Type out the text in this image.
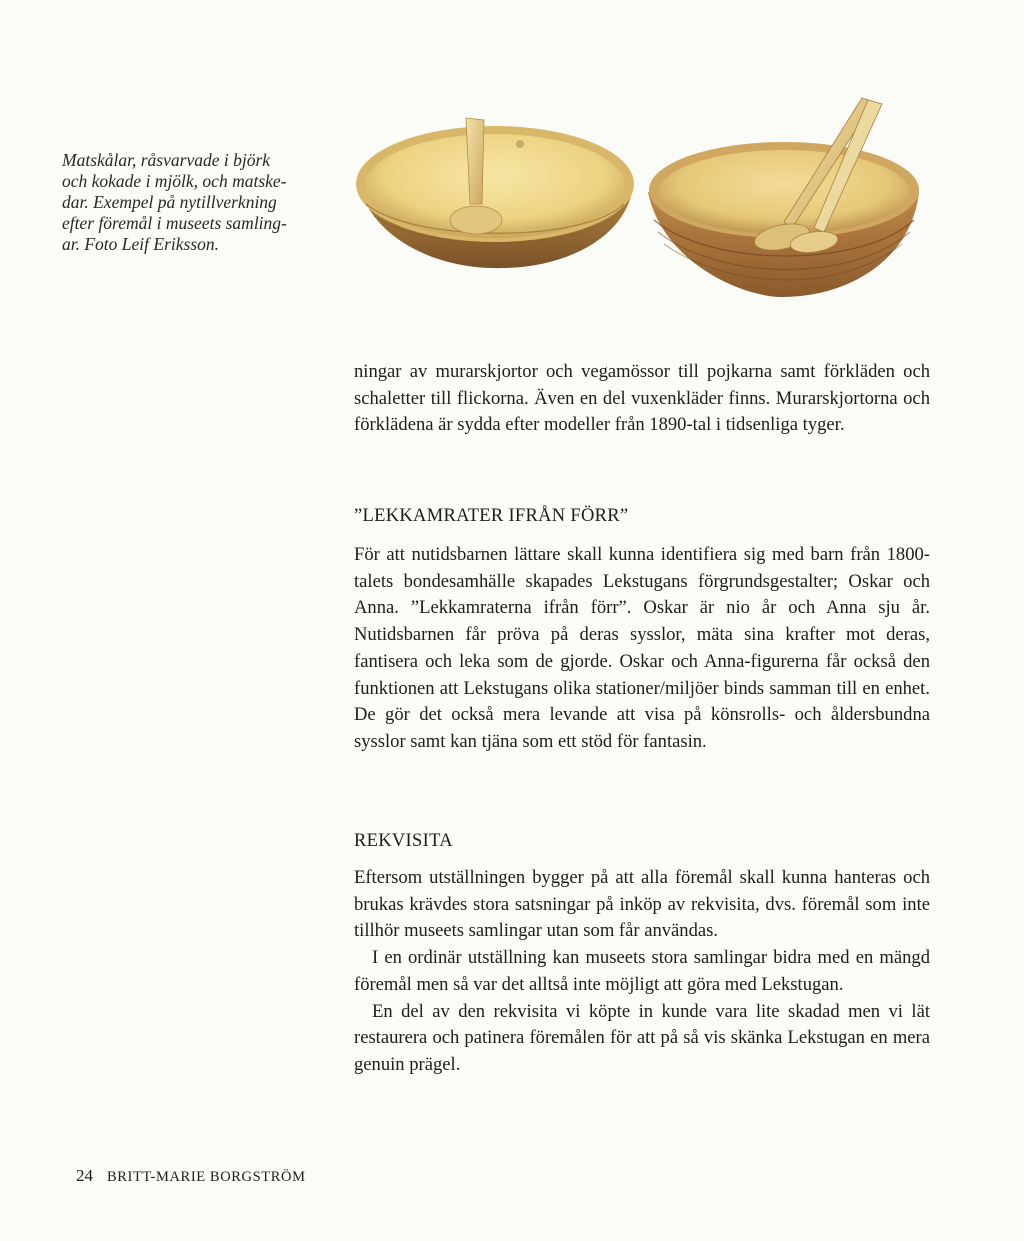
Matskålar, råsvarvade i björk
och kokade i mjölk, och matske-
dar. Exempel på nytillverkning
efter föremål i museets samling-
ar. Foto Leif Eriksson.

ningar av murarskjortor och vegamössor till pojkarna samt förkläden och schaletter till flickorna. Även en del vuxenkläder finns. Murarskjortorna och förklädena är sydda efter modeller från 1890-tal i tidsenliga tyger.

”LEKKAMRATER IFRÅN FÖRR”

För att nutidsbarnen lättare skall kunna identifiera sig med barn från 1800-talets bondesamhälle skapades Lekstugans förgrundsgestalter; Oskar och Anna. ”Lekkamraterna ifrån förr”. Oskar är nio år och Anna sju år. Nutidsbarnen får pröva på deras sysslor, mäta sina krafter mot deras, fantisera och leka som de gjorde. Oskar och Anna-figurerna får också den funktionen att Lekstugans olika stationer/miljöer binds samman till en enhet. De gör det också mera levande att visa på könsrolls- och åldersbundna sysslor samt kan tjäna som ett stöd för fantasin.

REKVISITA

Eftersom utställningen bygger på att alla föremål skall kunna hanteras och brukas krävdes stora satsningar på inköp av rekvisita, dvs. föremål som inte tillhör museets samlingar utan som får användas.

I en ordinär utställning kan museets stora samlingar bidra med en mängd föremål men så var det alltså inte möjligt att göra med Lekstugan.

En del av den rekvisita vi köpte in kunde vara lite skadad men vi lät restaurera och patinera föremålen för att på så vis skänka Lekstugan en mera genuin prägel.

24 BRITT-MARIE BORGSTRÖM
